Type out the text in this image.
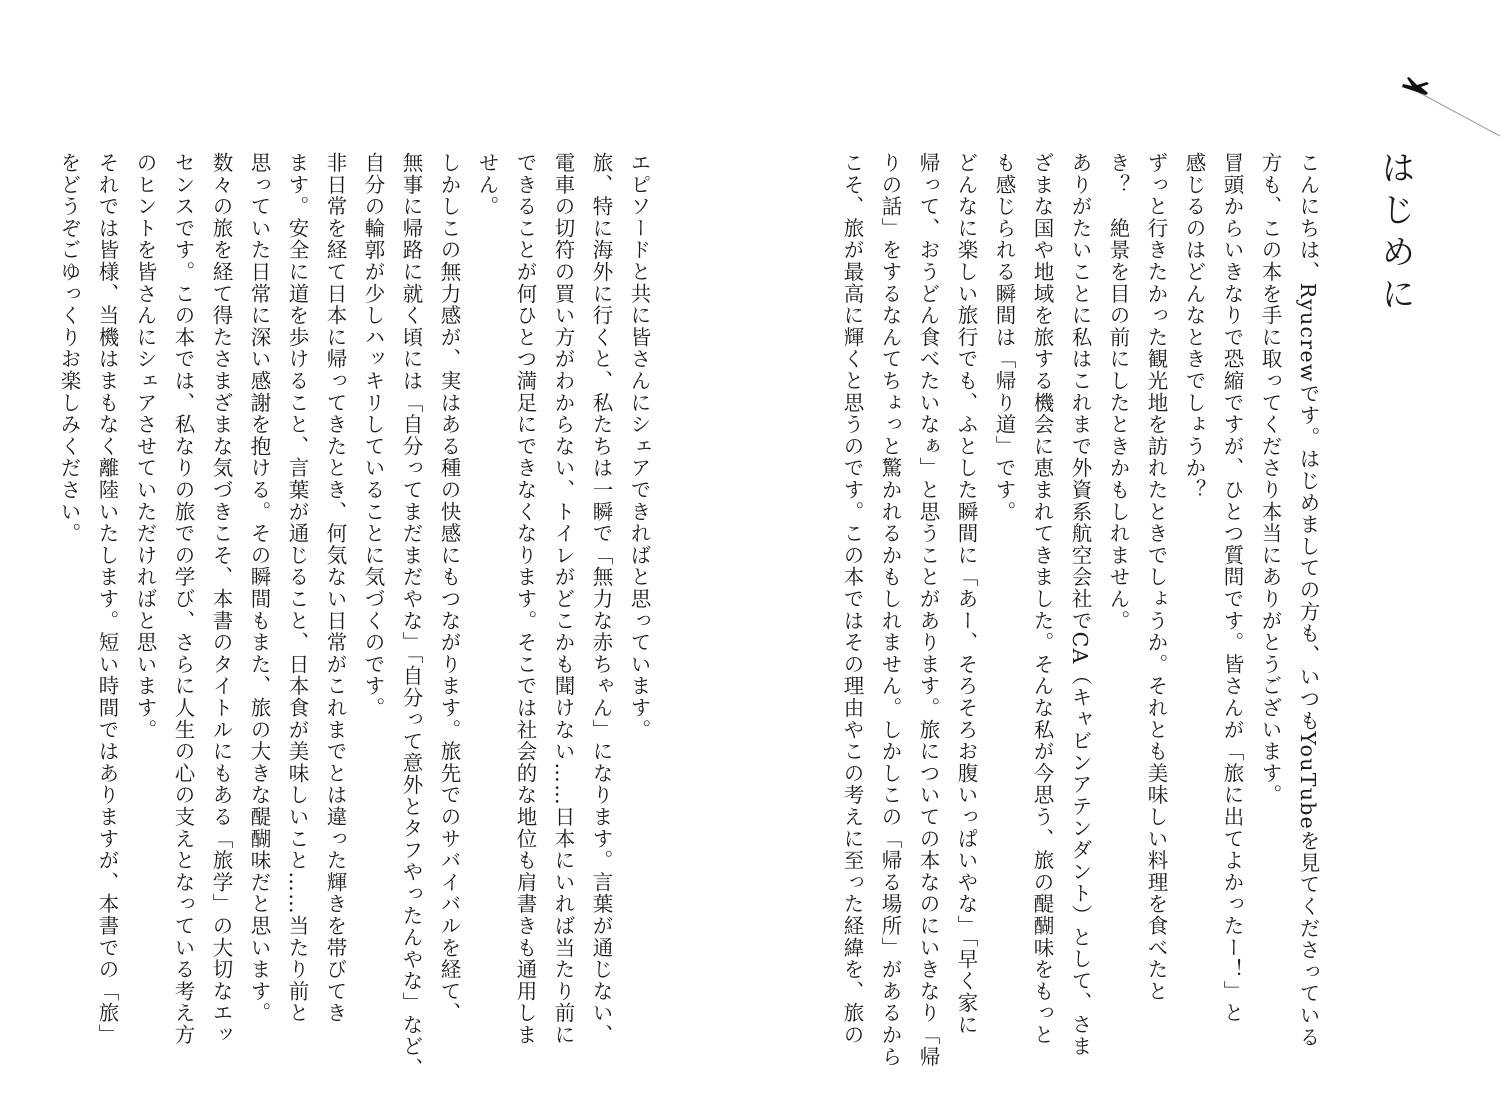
はじめに
こんにちは、Ryucrewです。はじめましての方も、いつもYouTubeを見てくださっている
方も、この本を手に取ってくださり本当にありがとうございます。
冒頭からいきなりで恐縮ですが、ひとつ質問です。皆さんが「旅に出てよかったー！」と
感じるのはどんなときでしょうか？
ずっと行きたかった観光地を訪れたときでしょうか。それとも美味しい料理を食べたと
き？　絶景を目の前にしたときかもしれません。
ありがたいことに私はこれまで外資系航空会社でCA（キャビンアテンダント）として、さま
ざまな国や地域を旅する機会に恵まれてきました。そんな私が今思う、旅の醍醐味をもっと
も感じられる瞬間は「帰り道」です。
どんなに楽しい旅行でも、ふとした瞬間に「あー、そろそろお腹いっぱいやな」「早く家に
帰って、おうどん食べたいなぁ」と思うことがあります。旅についての本なのにいきなり「帰
りの話」をするなんてちょっと驚かれるかもしれません。しかしこの「帰る場所」があるから
こそ、旅が最高に輝くと思うのです。この本ではその理由やこの考えに至った経緯を、旅の
エピソードと共に皆さんにシェアできればと思っています。
旅、特に海外に行くと、私たちは一瞬で「無力な赤ちゃん」になります。言葉が通じない、
電車の切符の買い方がわからない、トイレがどこかも聞けない……日本にいれば当たり前に
できることが何ひとつ満足にできなくなります。そこでは社会的な地位も肩書きも通用しま
せん。
しかしこの無力感が、実はある種の快感にもつながります。旅先でのサバイバルを経て、
無事に帰路に就く頃には「自分ってまだまだやな」「自分って意外とタフやったんやな」など、
自分の輪郭が少しハッキリしていることに気づくのです。
非日常を経て日本に帰ってきたとき、何気ない日常がこれまでとは違った輝きを帯びてき
ます。安全に道を歩けること、言葉が通じること、日本食が美味しいこと……当たり前と
思っていた日常に深い感謝を抱ける。その瞬間もまた、旅の大きな醍醐味だと思います。
数々の旅を経て得たさまざまな気づきこそ、本書のタイトルにもある「旅学」の大切なエッ
センスです。この本では、私なりの旅での学び、さらに人生の心の支えとなっている考え方
のヒントを皆さんにシェアさせていただければと思います。
それでは皆様、当機はまもなく離陸いたします。短い時間ではありますが、本書での「旅」
をどうぞごゆっくりお楽しみください。
